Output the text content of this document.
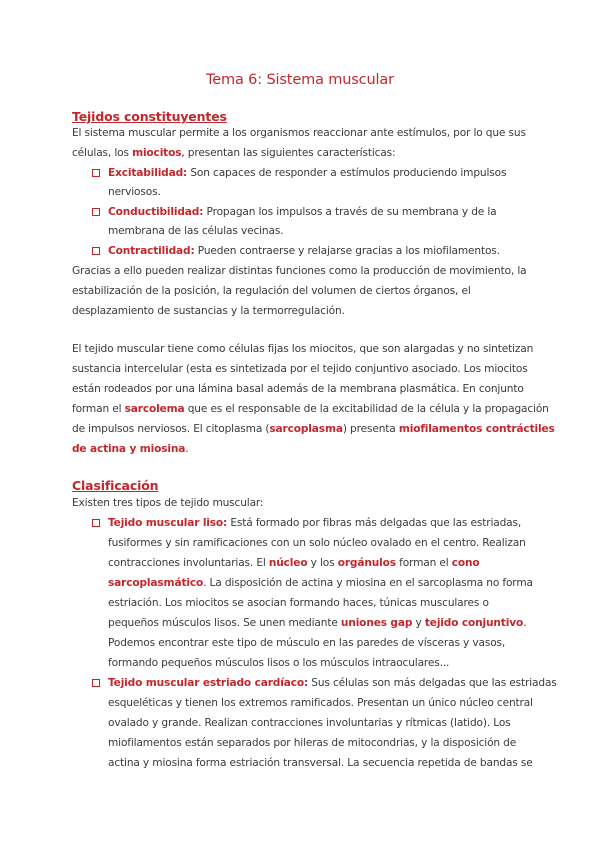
Tema 6: Sistema muscular
Tejidos constituyentes
El sistema muscular permite a los organismos reaccionar ante estímulos, por lo que sus
células, los miocitos, presentan las siguientes características:
Excitabilidad: Son capaces de responder a estímulos produciendo impulsos
nerviosos.
Conductibilidad: Propagan los impulsos a través de su membrana y de la
membrana de las células vecinas.
Contractilidad: Pueden contraerse y relajarse gracias a los miofilamentos.
Gracias a ello pueden realizar distintas funciones como la producción de movimiento, la
estabilización de la posición, la regulación del volumen de ciertos órganos, el
desplazamiento de sustancias y la termorregulación.
El tejido muscular tiene como células fijas los miocitos, que son alargadas y no sintetizan
sustancia intercelular (esta es sintetizada por el tejido conjuntivo asociado. Los miocitos
están rodeados por una lámina basal además de la membrana plasmática. En conjunto
forman el sarcolema que es el responsable de la excitabilidad de la célula y la propagación
de impulsos nerviosos. El citoplasma (sarcoplasma) presenta miofilamentos contráctiles
de actina y miosina.
Clasificación
Existen tres tipos de tejido muscular:
Tejido muscular liso: Está formado por fibras más delgadas que las estriadas,
fusiformes y sin ramificaciones con un solo núcleo ovalado en el centro. Realizan
contracciones involuntarias. El núcleo y los orgánulos forman el cono
sarcoplasmático. La disposición de actina y miosina en el sarcoplasma no forma
estriación. Los miocitos se asocian formando haces, túnicas musculares o
pequeños músculos lisos. Se unen mediante uniones gap y tejido conjuntivo.
Podemos encontrar este tipo de músculo en las paredes de vísceras y vasos,
formando pequeños músculos lisos o los músculos intraoculares...
Tejido muscular estriado cardíaco: Sus células son más delgadas que las estriadas
esqueléticas y tienen los extremos ramificados. Presentan un único núcleo central
ovalado y grande. Realizan contracciones involuntarias y rítmicas (latido). Los
miofilamentos están separados por hileras de mitocondrias, y la disposición de
actina y miosina forma estriación transversal. La secuencia repetida de bandas se
